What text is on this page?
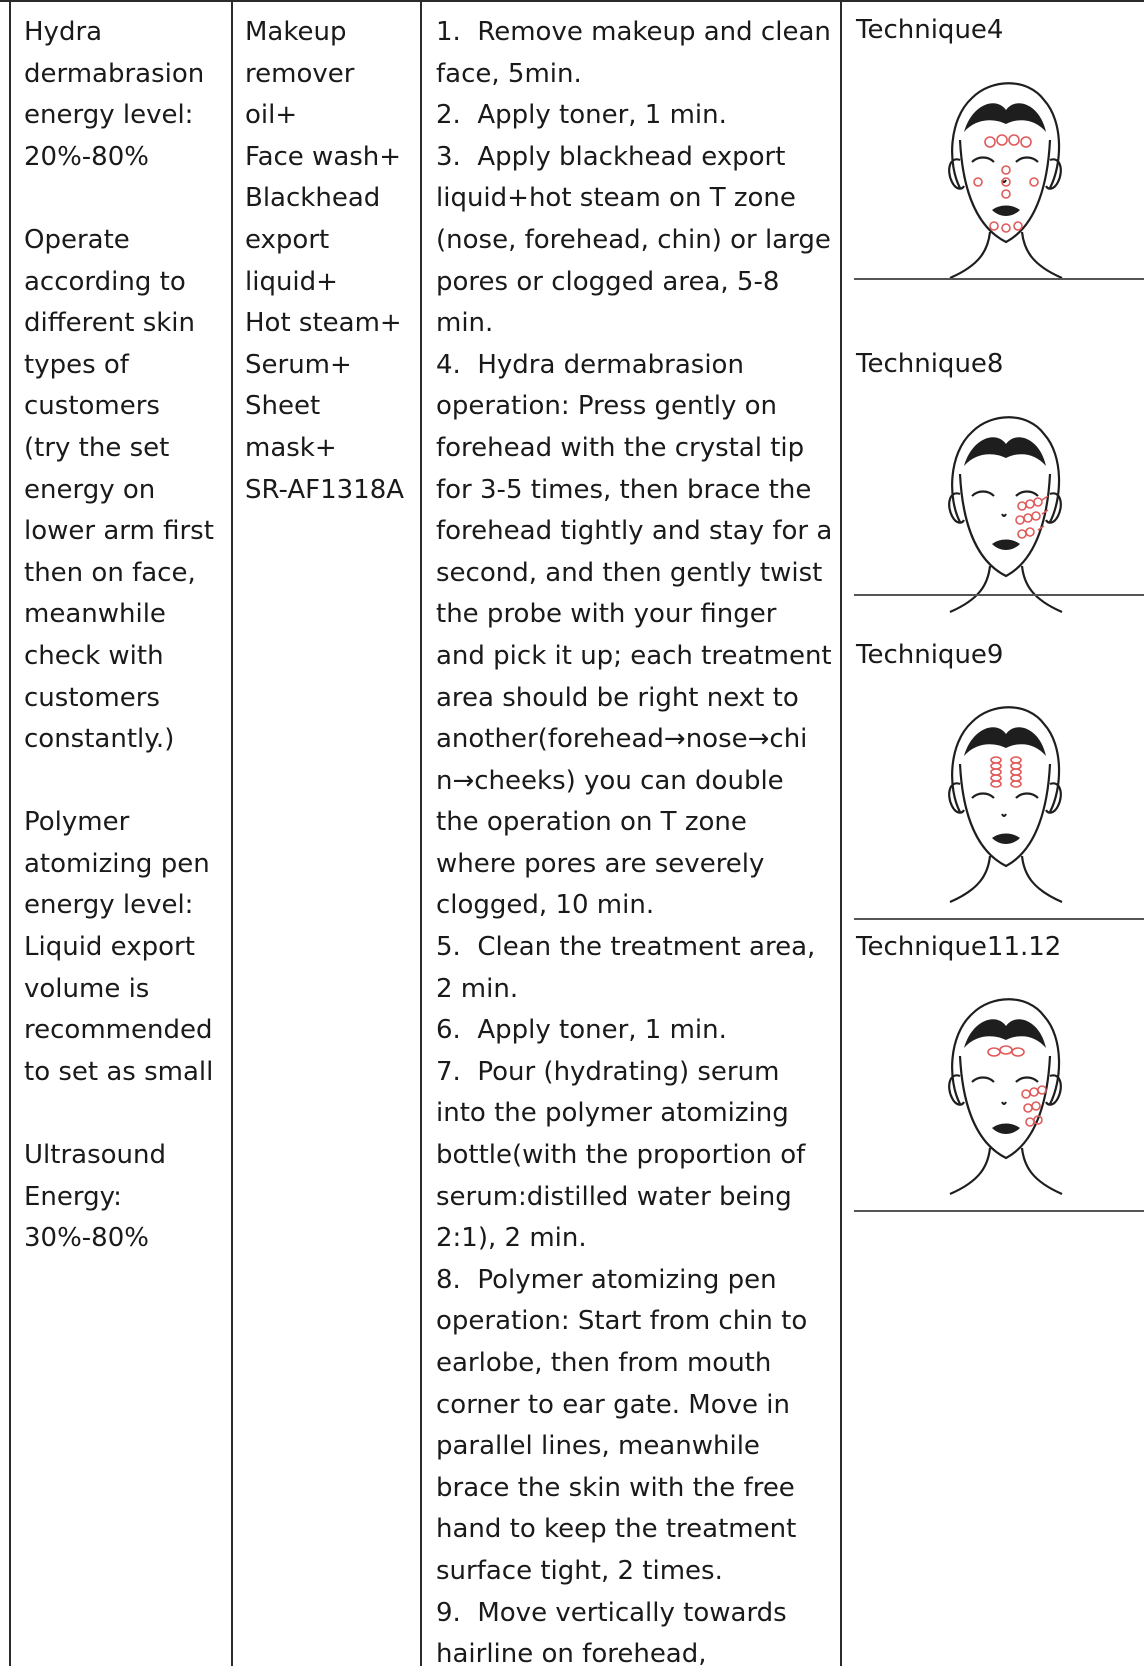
Hydra
dermabrasion
energy level:
20%-80%

Operate
according to
different skin
types of
customers
(try the set
energy on
lower arm first
then on face,
meanwhile
check with
customers
constantly.)

Polymer
atomizing pen
energy level:
Liquid export
volume is
recommended
to set as small

Ultrasound
Energy:
30%-80%
Makeup
remover
oil+
Face wash+
Blackhead
export
liquid+
Hot steam+
Serum+
Sheet
mask+
SR-AF1318A
1.  Remove makeup and clean
face, 5min.
2.  Apply toner, 1 min.
3.  Apply blackhead export
liquid+hot steam on T zone
(nose, forehead, chin) or large
pores or clogged area, 5-8
min.
4.  Hydra dermabrasion
operation: Press gently on
forehead with the crystal tip
for 3-5 times, then brace the
forehead tightly and stay for a
second, and then gently twist
the probe with your finger
and pick it up; each treatment
area should be right next to
another(forehead→nose→chi
n→cheeks) you can double
the operation on T zone
where pores are severely
clogged, 10 min.
5.  Clean the treatment area,
2 min.
6.  Apply toner, 1 min.
7.  Pour (hydrating) serum
into the polymer atomizing
bottle(with the proportion of
serum:distilled water being
2:1), 2 min.
8.  Polymer atomizing pen
operation: Start from chin to
earlobe, then from mouth
corner to ear gate. Move in
parallel lines, meanwhile
brace the skin with the free
hand to keep the treatment
surface tight, 2 times.
9.  Move vertically towards
hairline on forehead,
Technique4
Technique8
Technique9
Technique11.12
